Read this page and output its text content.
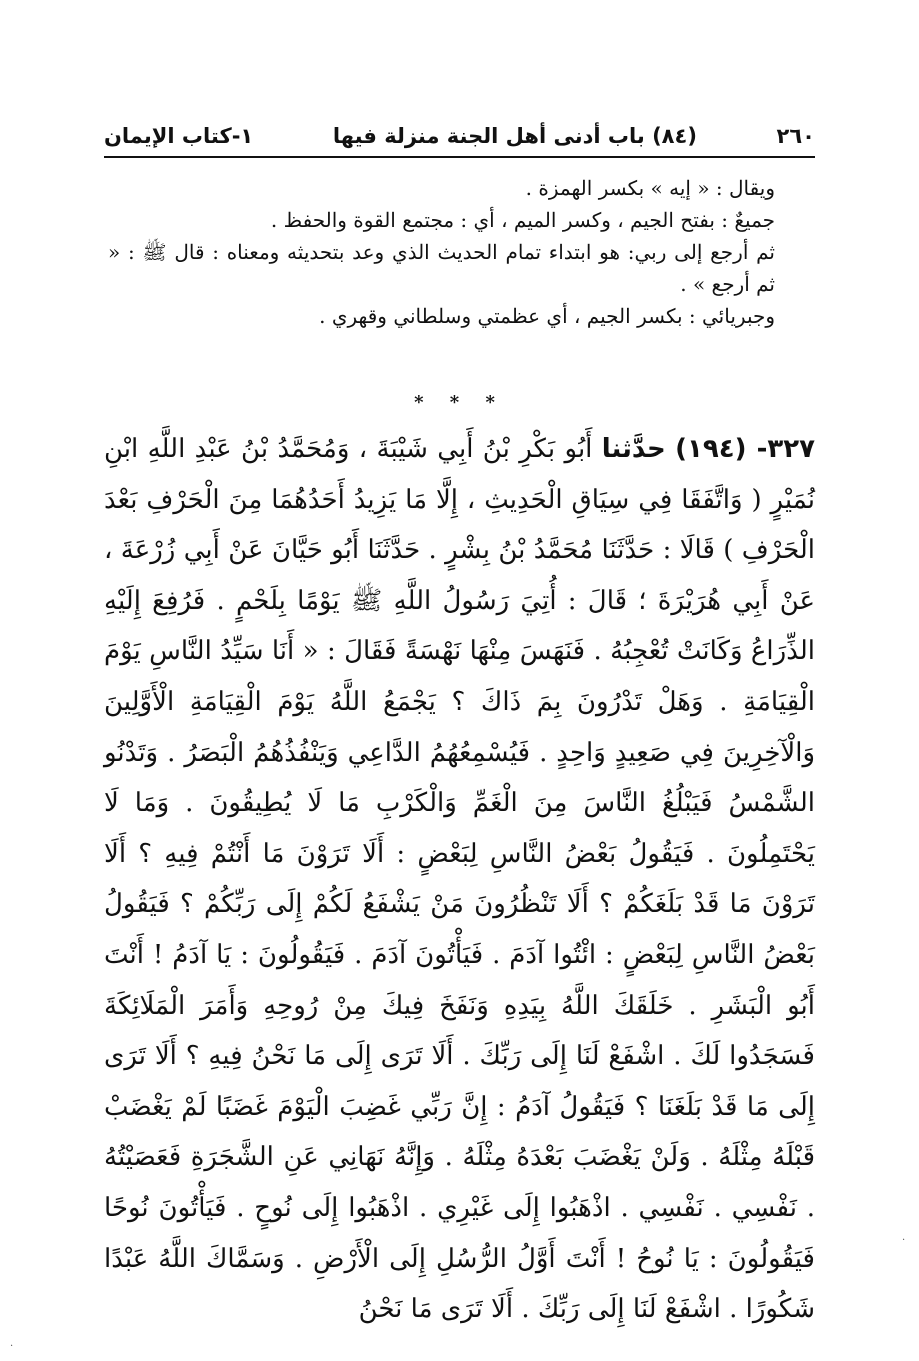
٢٦٠
(٨٤) باب أدنى أهل الجنة منزلة فيها
١-كتاب الإيمان

ويقال : « إيه » بكسر الهمزة .

جميعٌ : بفتح الجيم ، وكسر الميم ، أي : مجتمع القوة والحفظ .

ثم أرجع إلى ربي: هو ابتداء تمام الحديث الذي وعد بتحديثه ومعناه : قال ﷺ : « ثم أرجع » .

وجبريائي : بكسر الجيم ، أي عظمتي وسلطاني وقهري .

* * *

٣٢٧- (١٩٤) حدَّثنا أَبُو بَكْرِ بْنُ أَبِي شَيْبَةَ ، وَمُحَمَّدُ بْنُ عَبْدِ اللَّهِ ابْنِ نُمَيْرٍ ( وَاتَّفَقَا فِي سِيَاقِ الْحَدِيثِ ، إِلَّا مَا يَزِيدُ أَحَدُهُمَا مِنَ الْحَرْفِ بَعْدَ الْحَرْفِ ) قَالَا : حَدَّثَنَا مُحَمَّدُ بْنُ بِشْرٍ . حَدَّثَنَا أَبُو حَيَّانَ عَنْ أَبِي زُرْعَةَ ، عَنْ أَبِي هُرَيْرَةَ ؛ قَالَ : أُتِيَ رَسُولُ اللَّهِ ﷺ يَوْمًا بِلَحْمٍ . فَرُفِعَ إِلَيْهِ الذِّرَاعُ وَكَانَتْ تُعْجِبُهُ . فَنَهَسَ مِنْهَا نَهْسَةً فَقَالَ : « أَنَا سَيِّدُ النَّاسِ يَوْمَ الْقِيَامَةِ . وَهَلْ تَدْرُونَ بِمَ ذَاكَ ؟ يَجْمَعُ اللَّهُ يَوْمَ الْقِيَامَةِ الْأَوَّلِينَ وَالْآخِرِينَ فِي صَعِيدٍ وَاحِدٍ . فَيُسْمِعُهُمُ الدَّاعِي وَيَنْفُذُهُمُ الْبَصَرُ . وَتَدْنُو الشَّمْسُ فَيَبْلُغُ النَّاسَ مِنَ الْغَمِّ وَالْكَرْبِ مَا لَا يُطِيقُونَ . وَمَا لَا يَحْتَمِلُونَ . فَيَقُولُ بَعْضُ النَّاسِ لِبَعْضٍ : أَلَا تَرَوْنَ مَا أَنْتُمْ فِيهِ ؟ أَلَا تَرَوْنَ مَا قَدْ بَلَغَكُمْ ؟ أَلَا تَنْظُرُونَ مَنْ يَشْفَعُ لَكُمْ إِلَى رَبِّكُمْ ؟ فَيَقُولُ بَعْضُ النَّاسِ لِبَعْضٍ : ائْتُوا آدَمَ . فَيَأْتُونَ آدَمَ . فَيَقُولُونَ : يَا آدَمُ ! أَنْتَ أَبُو الْبَشَرِ . خَلَقَكَ اللَّهُ بِيَدِهِ وَنَفَخَ فِيكَ مِنْ رُوحِهِ وَأَمَرَ الْمَلَائِكَةَ فَسَجَدُوا لَكَ . اشْفَعْ لَنَا إِلَى رَبِّكَ . أَلَا تَرَى إِلَى مَا نَحْنُ فِيهِ ؟ أَلَا تَرَى إِلَى مَا قَدْ بَلَغَنَا ؟ فَيَقُولُ آدَمُ : إِنَّ رَبِّي غَضِبَ الْيَوْمَ غَضَبًا لَمْ يَغْضَبْ قَبْلَهُ مِثْلَهُ . وَلَنْ يَغْضَبَ بَعْدَهُ مِثْلَهُ . وَإِنَّهُ نَهَانِي عَنِ الشَّجَرَةِ فَعَصَيْتُهُ . نَفْسِي . نَفْسِي . اذْهَبُوا إِلَى غَيْرِي . اذْهَبُوا إِلَى نُوحٍ . فَيَأْتُونَ نُوحًا فَيَقُولُونَ : يَا نُوحُ ! أَنْتَ أَوَّلُ الرُّسُلِ إِلَى الْأَرْضِ . وَسَمَّاكَ اللَّهُ عَبْدًا شَكُورًا . اشْفَعْ لَنَا إِلَى رَبِّكَ . أَلَا تَرَى مَا نَحْنُ

.
.
